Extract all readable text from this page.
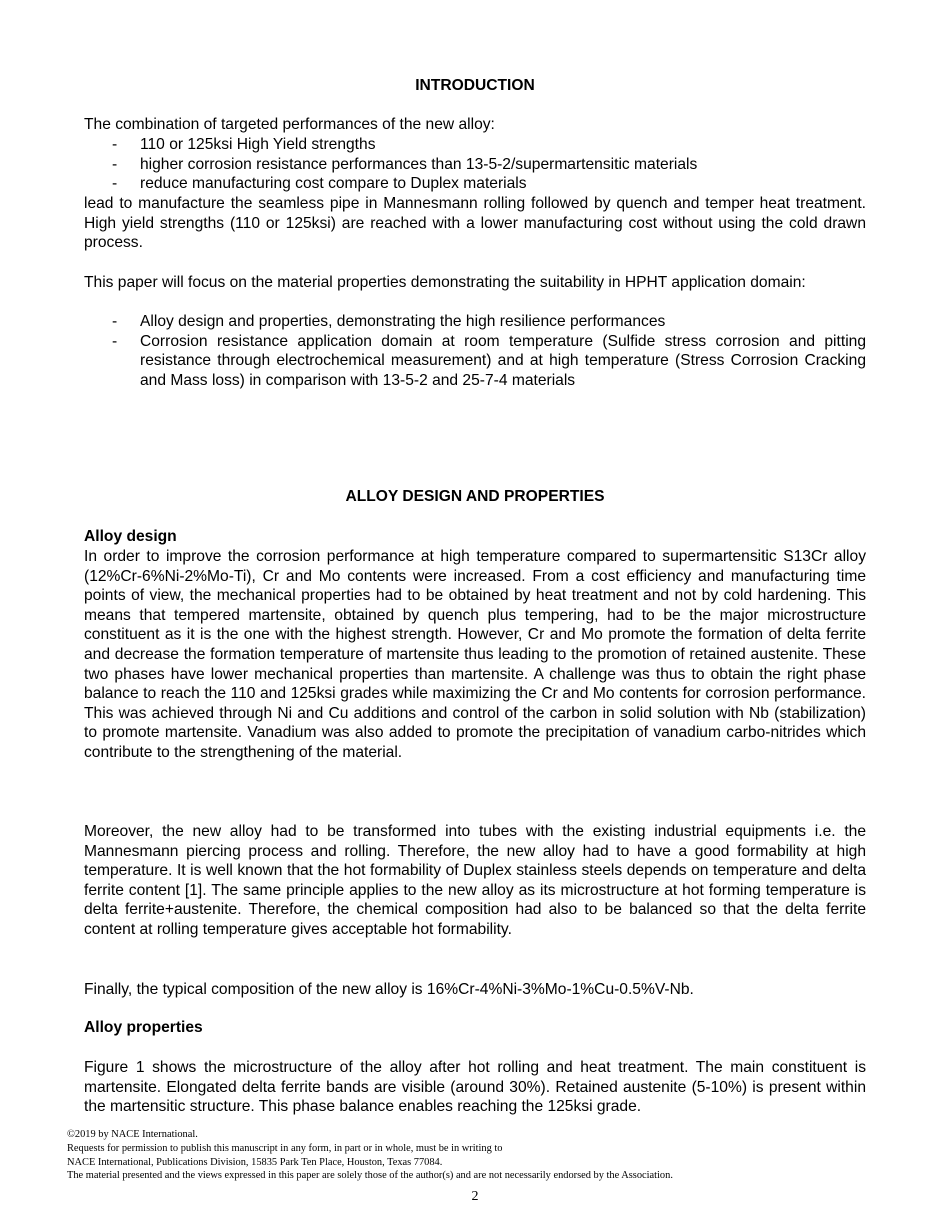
INTRODUCTION

The combination of targeted performances of the new alloy:

- 110 or 125ksi High Yield strengths
- higher corrosion resistance performances than 13-5-2/supermartensitic materials
- reduce manufacturing cost compare to Duplex materials

lead to manufacture the seamless pipe in Mannesmann rolling followed by quench and temper heat treatment. High yield strengths (110 or 125ksi) are reached with a lower manufacturing cost without using the cold drawn process.

This paper will focus on the material properties demonstrating the suitability in HPHT application domain:

- Alloy design and properties, demonstrating the high resilience performances
- Corrosion resistance application domain at room temperature (Sulfide stress corrosion and pitting resistance through electrochemical measurement) and at high temperature (Stress Corrosion Cracking and Mass loss) in comparison with 13-5-2 and 25-7-4 materials
ALLOY DESIGN AND PROPERTIES
Alloy design

In order to improve the corrosion performance at high temperature compared to supermartensitic S13Cr alloy (12%Cr-6%Ni-2%Mo-Ti), Cr and Mo contents were increased. From a cost efficiency and manufacturing time points of view, the mechanical properties had to be obtained by heat treatment and not by cold hardening. This means that tempered martensite, obtained by quench plus tempering, had to be the major microstructure constituent as it is the one with the highest strength. However, Cr and Mo promote the formation of delta ferrite and decrease the formation temperature of martensite thus leading to the promotion of retained austenite. These two phases have lower mechanical properties than martensite. A challenge was thus to obtain the right phase balance to reach the 110 and 125ksi grades while maximizing the Cr and Mo contents for corrosion performance. This was achieved through Ni and Cu additions and control of the carbon in solid solution with Nb (stabilization) to promote martensite. Vanadium was also added to promote the precipitation of vanadium carbo-nitrides which contribute to the strengthening of the material.

Moreover, the new alloy had to be transformed into tubes with the existing industrial equipments i.e. the Mannesmann piercing process and rolling. Therefore, the new alloy had to have a good formability at high temperature. It is well known that the hot formability of Duplex stainless steels depends on temperature and delta ferrite content [1]. The same principle applies to the new alloy as its microstructure at hot forming temperature is delta ferrite+austenite. Therefore, the chemical composition had also to be balanced so that the delta ferrite content at rolling temperature gives acceptable hot formability.

Finally, the typical composition of the new alloy is 16%Cr-4%Ni-3%Mo-1%Cu-0.5%V-Nb.

Alloy properties

Figure 1 shows the microstructure of the alloy after hot rolling and heat treatment. The main constituent is martensite. Elongated delta ferrite bands are visible (around 30%). Retained austenite (5-10%) is present within the martensitic structure. This phase balance enables reaching the 125ksi grade.

©2019 by NACE International.
Requests for permission to publish this manuscript in any form, in part or in whole, must be in writing to
NACE International, Publications Division, 15835 Park Ten Place, Houston, Texas 77084.
The material presented and the views expressed in this paper are solely those of the author(s) and are not necessarily endorsed by the Association.
2
